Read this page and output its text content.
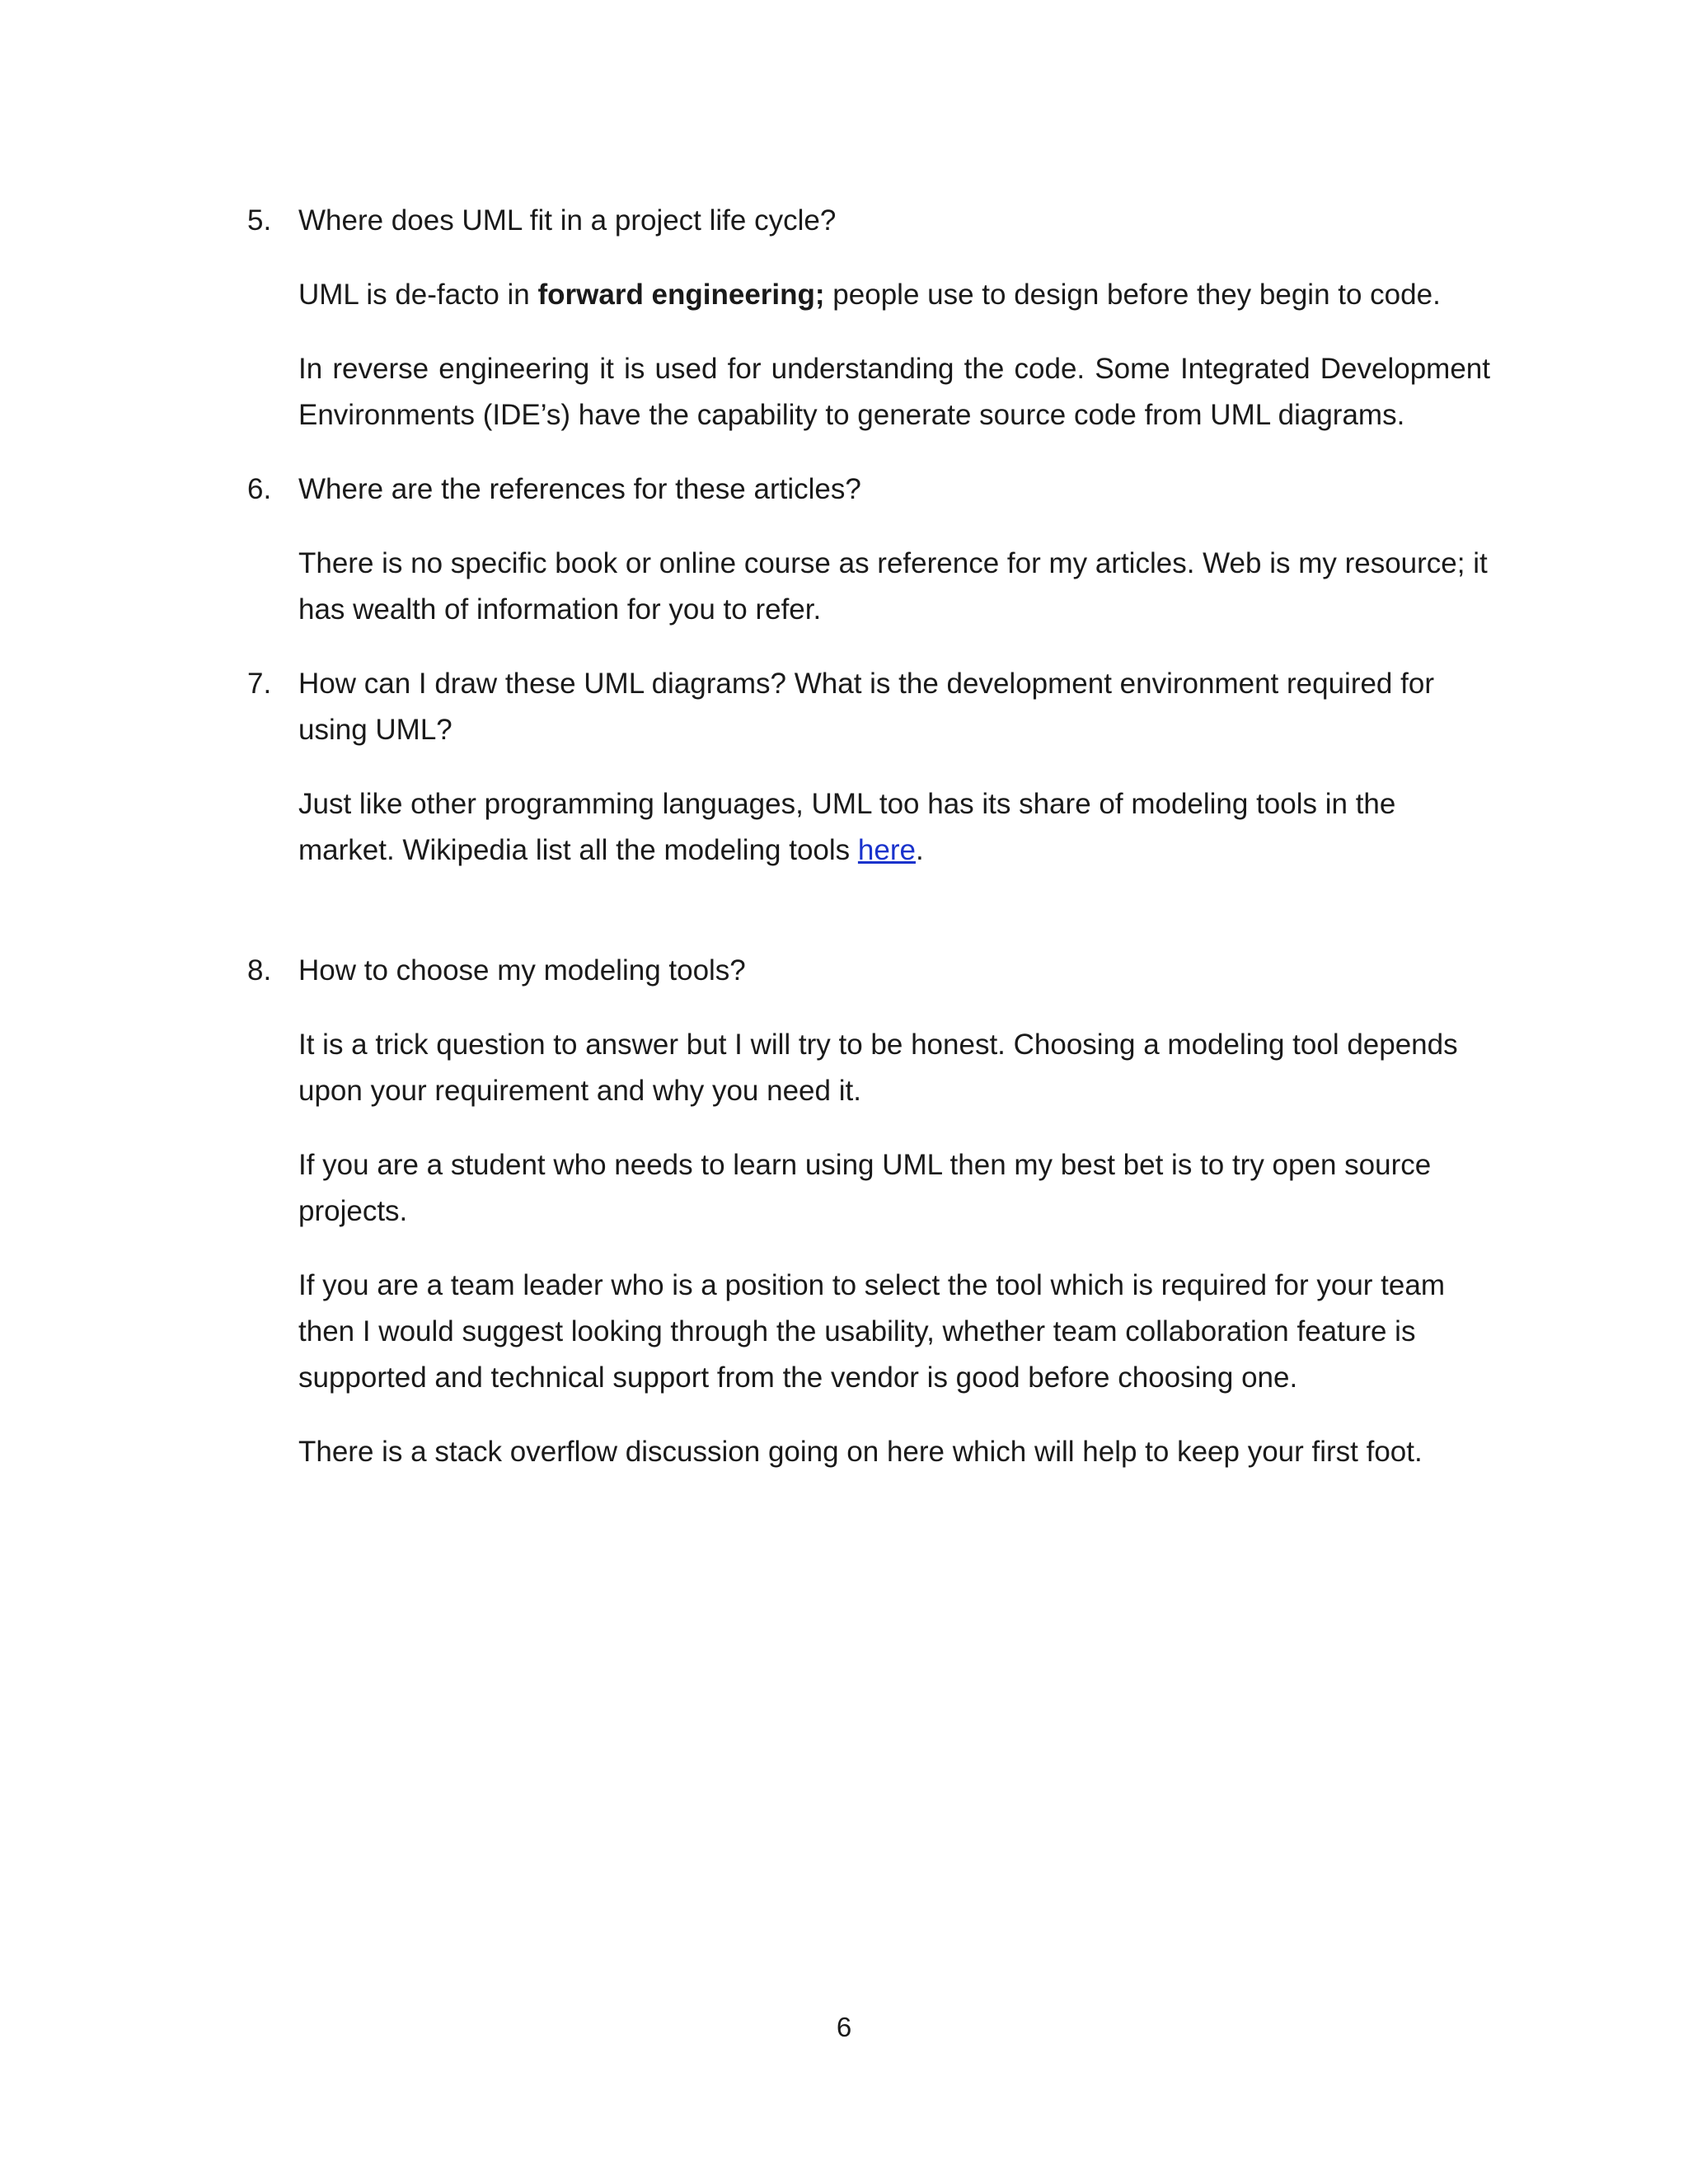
5. Where does UML fit in a project life cycle?

UML is de-facto in forward engineering; people use to design before they begin to code.

In reverse engineering it is used for understanding the code. Some Integrated Development Environments (IDE’s) have the capability to generate source code from UML diagrams.

6. Where are the references for these articles?

There is no specific book or online course as reference for my articles. Web is my resource; it has wealth of information for you to refer.

7. How can I draw these UML diagrams? What is the development environment required for using UML?

Just like other programming languages, UML too has its share of modeling tools in the market. Wikipedia list all the modeling tools here.

8. How to choose my modeling tools?

It is a trick question to answer but I will try to be honest. Choosing a modeling tool depends upon your requirement and why you need it.

If you are a student who needs to learn using UML then my best bet is to try open source projects.

If you are a team leader who is a position to select the tool which is required for your team then I would suggest looking through the usability, whether team collaboration feature is supported and technical support from the vendor is good before choosing one.

There is a stack overflow discussion going on here which will help to keep your first foot.

6
